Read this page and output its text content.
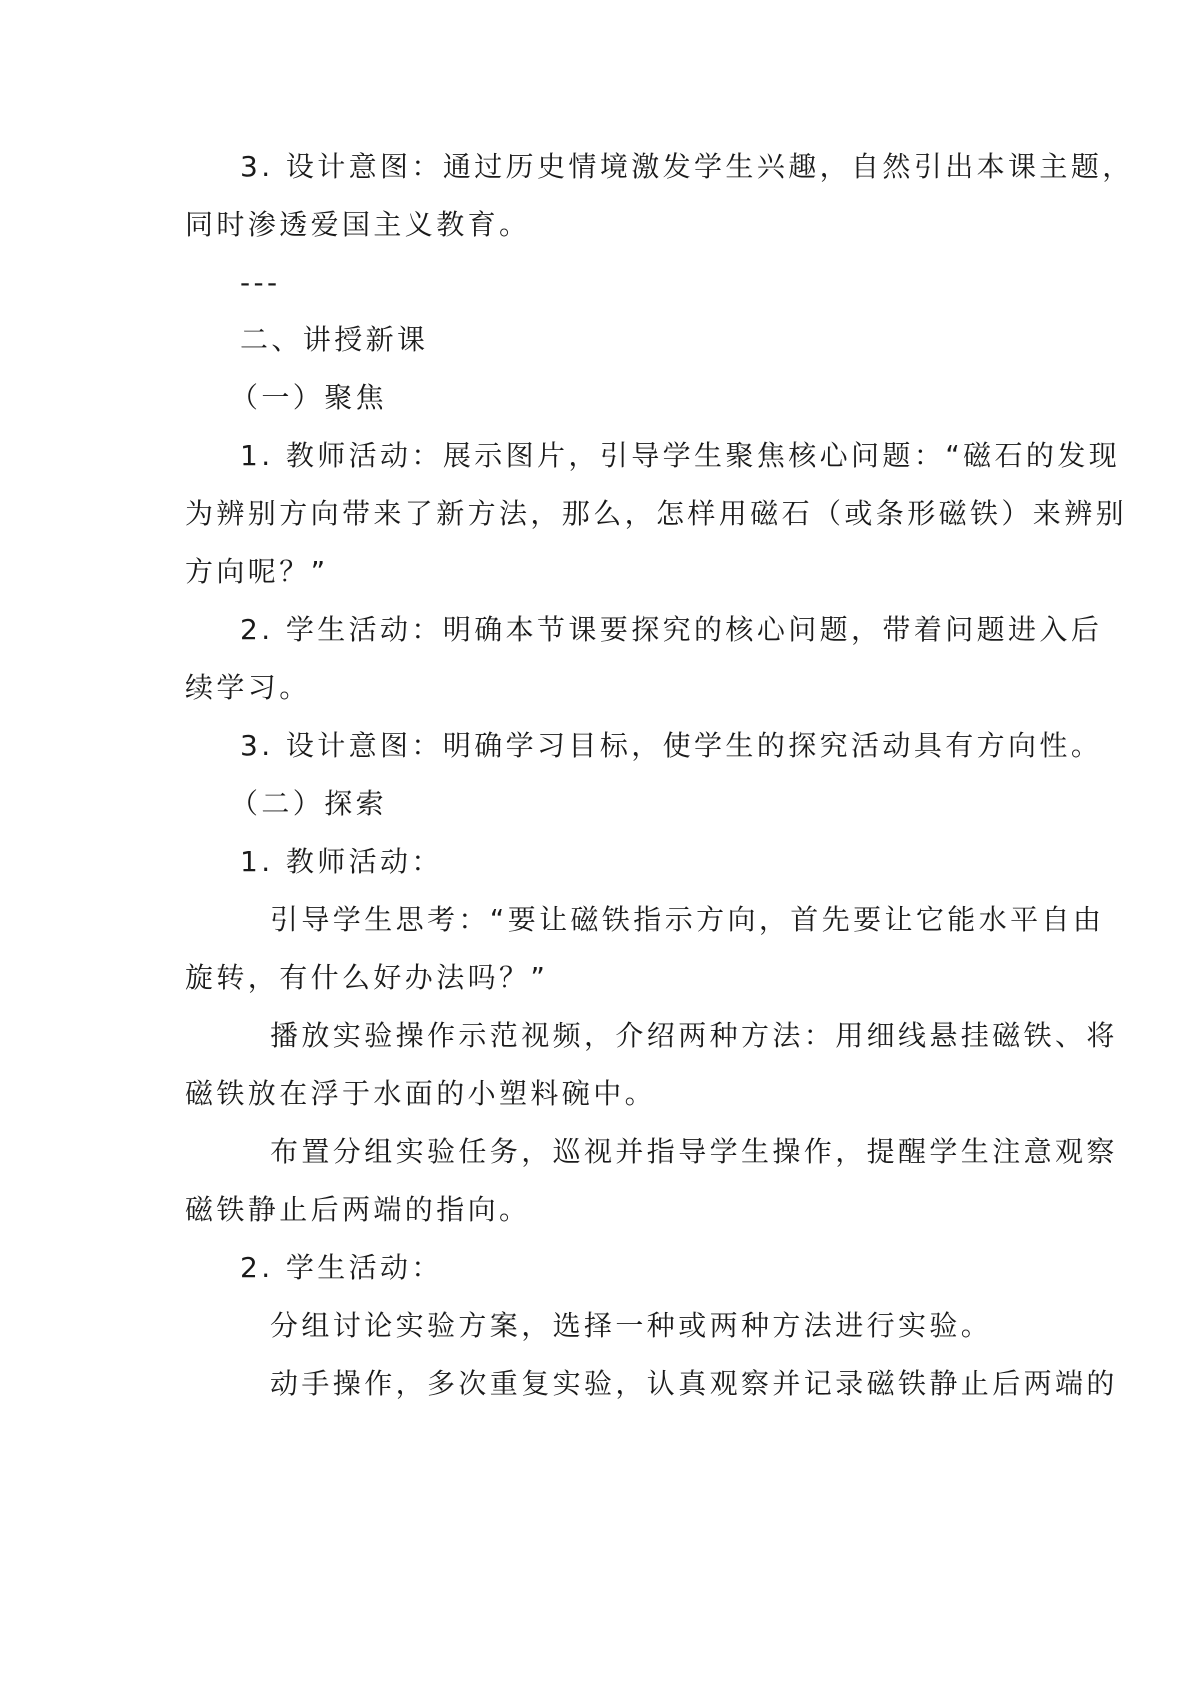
3. 设计意图：通过历史情境激发学生兴趣，自然引出本课主题，
同时渗透爱国主义教育。
---
二、讲授新课
（一）聚焦
1. 教师活动：展示图片，引导学生聚焦核心问题：“磁石的发现
为辨别方向带来了新方法，那么，怎样用磁石（或条形磁铁）来辨别
方向呢？”
2. 学生活动：明确本节课要探究的核心问题，带着问题进入后
续学习。
3. 设计意图：明确学习目标，使学生的探究活动具有方向性。
（二）探索
1. 教师活动：
引导学生思考：“要让磁铁指示方向，首先要让它能水平自由
旋转，有什么好办法吗？”
播放实验操作示范视频，介绍两种方法：用细线悬挂磁铁、将
磁铁放在浮于水面的小塑料碗中。
布置分组实验任务，巡视并指导学生操作，提醒学生注意观察
磁铁静止后两端的指向。
2. 学生活动：
分组讨论实验方案，选择一种或两种方法进行实验。
动手操作，多次重复实验，认真观察并记录磁铁静止后两端的
